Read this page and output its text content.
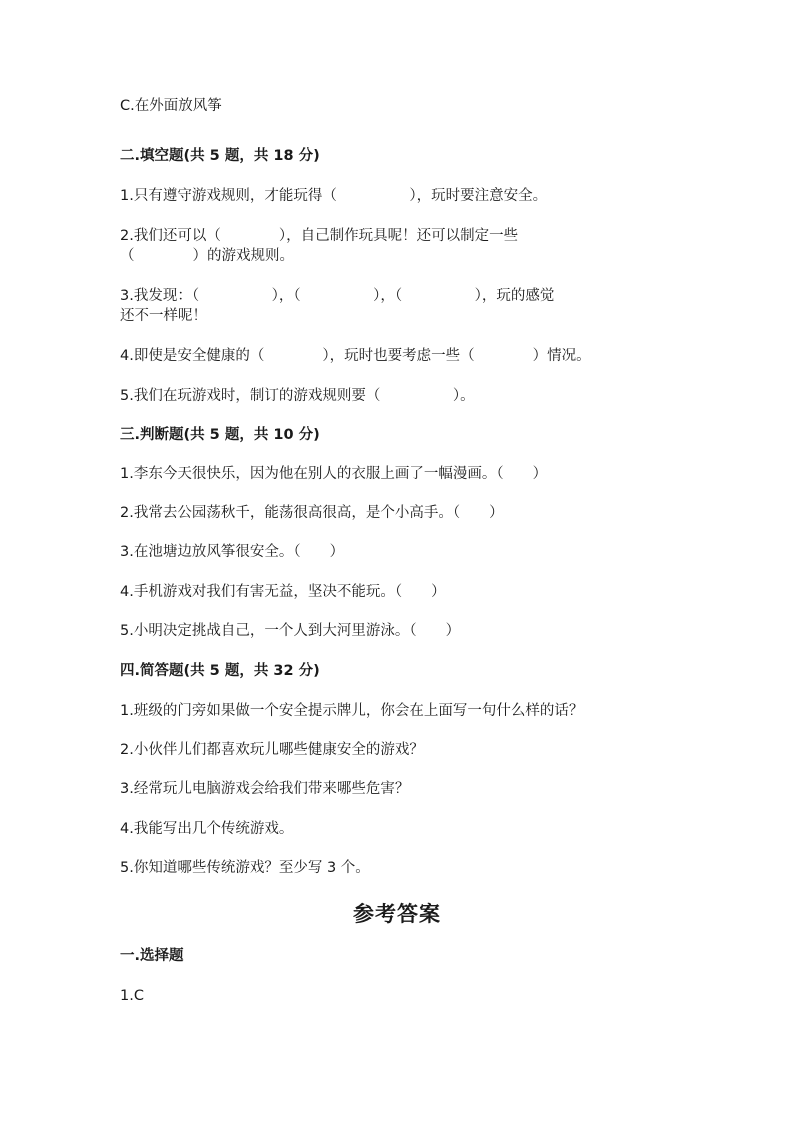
C.在外面放风筝
二.填空题(共 5 题，共 18 分)
1.只有遵守游戏规则，才能玩得（　　　　　），玩时要注意安全。
2.我们还可以（　　　　），自己制作玩具呢！还可以制定一些
（　　　　）的游戏规则。
3.我发现：（　　　　　），（　　　　　），（　　　　　），玩的感觉
还不一样呢！
4.即使是安全健康的（　　　　），玩时也要考虑一些（　　　　）情况。
5.我们在玩游戏时，制订的游戏规则要（　　　　　）。
三.判断题(共 5 题，共 10 分)
1.李东今天很快乐，因为他在别人的衣服上画了一幅漫画。（　　）
2.我常去公园荡秋千，能荡很高很高，是个小高手。（　　）
3.在池塘边放风筝很安全。（　　）
4.手机游戏对我们有害无益，坚决不能玩。（　　）
5.小明决定挑战自己，一个人到大河里游泳。（　　）
四.简答题(共 5 题，共 32 分)
1.班级的门旁如果做一个安全提示牌儿，你会在上面写一句什么样的话？
2.小伙伴儿们都喜欢玩儿哪些健康安全的游戏？
3.经常玩儿电脑游戏会给我们带来哪些危害？
4.我能写出几个传统游戏。
5.你知道哪些传统游戏？至少写 3 个。
参考答案
一.选择题
1.C
